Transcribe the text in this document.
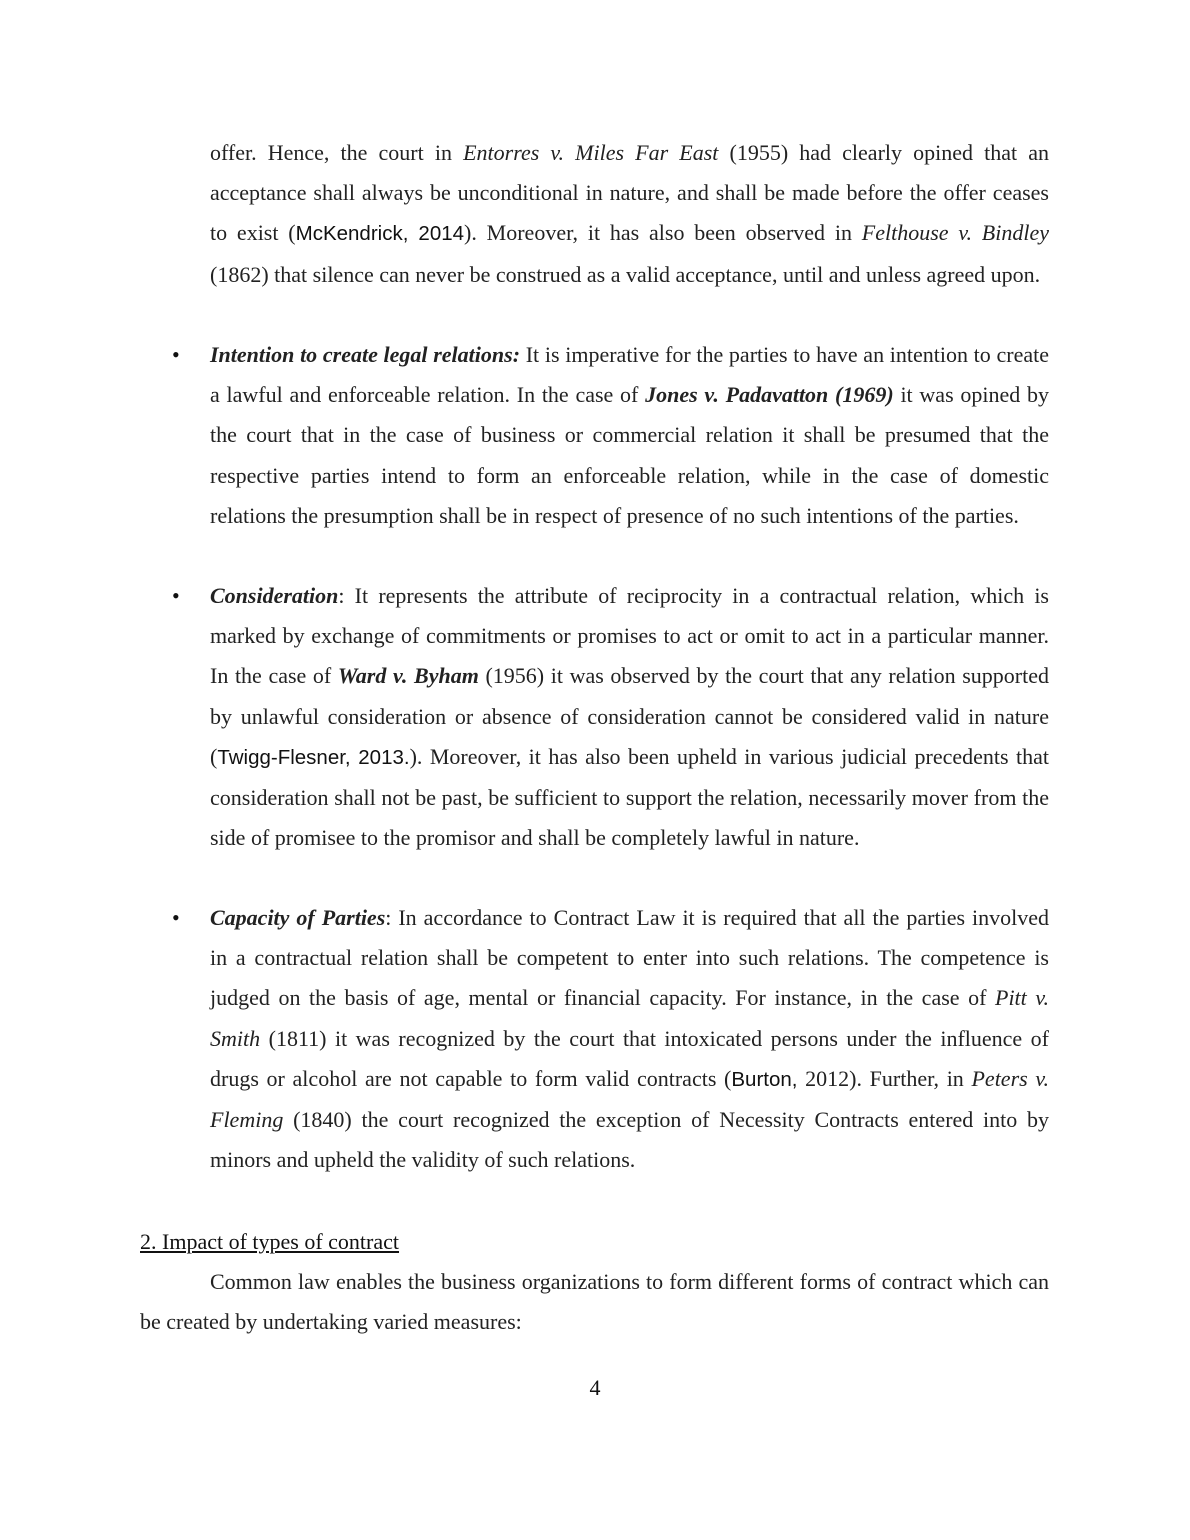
offer. Hence, the court in Entorres v. Miles Far East (1955) had clearly opined that an acceptance shall always be unconditional in nature, and shall be made before the offer ceases to exist (McKendrick, 2014). Moreover, it has also been observed in Felthouse v. Bindley (1862) that silence can never be construed as a valid acceptance, until and unless agreed upon.

• Intention to create legal relations: It is imperative for the parties to have an intention to create a lawful and enforceable relation. In the case of Jones v. Padavatton (1969) it was opined by the court that in the case of business or commercial relation it shall be presumed that the respective parties intend to form an enforceable relation, while in the case of domestic relations the presumption shall be in respect of presence of no such intentions of the parties.

• Consideration: It represents the attribute of reciprocity in a contractual relation, which is marked by exchange of commitments or promises to act or omit to act in a particular manner. In the case of Ward v. Byham (1956) it was observed by the court that any relation supported by unlawful consideration or absence of consideration cannot be considered valid in nature (Twigg-Flesner, 2013.). Moreover, it has also been upheld in various judicial precedents that consideration shall not be past, be sufficient to support the relation, necessarily mover from the side of promisee to the promisor and shall be completely lawful in nature.

• Capacity of Parties: In accordance to Contract Law it is required that all the parties involved in a contractual relation shall be competent to enter into such relations. The competence is judged on the basis of age, mental or financial capacity. For instance, in the case of Pitt v. Smith (1811) it was recognized by the court that intoxicated persons under the influence of drugs or alcohol are not capable to form valid contracts (Burton, 2012). Further, in Peters v. Fleming (1840) the court recognized the exception of Necessity Contracts entered into by minors and upheld the validity of such relations.

2. Impact of types of contract

Common law enables the business organizations to form different forms of contract which can be created by undertaking varied measures:

4
